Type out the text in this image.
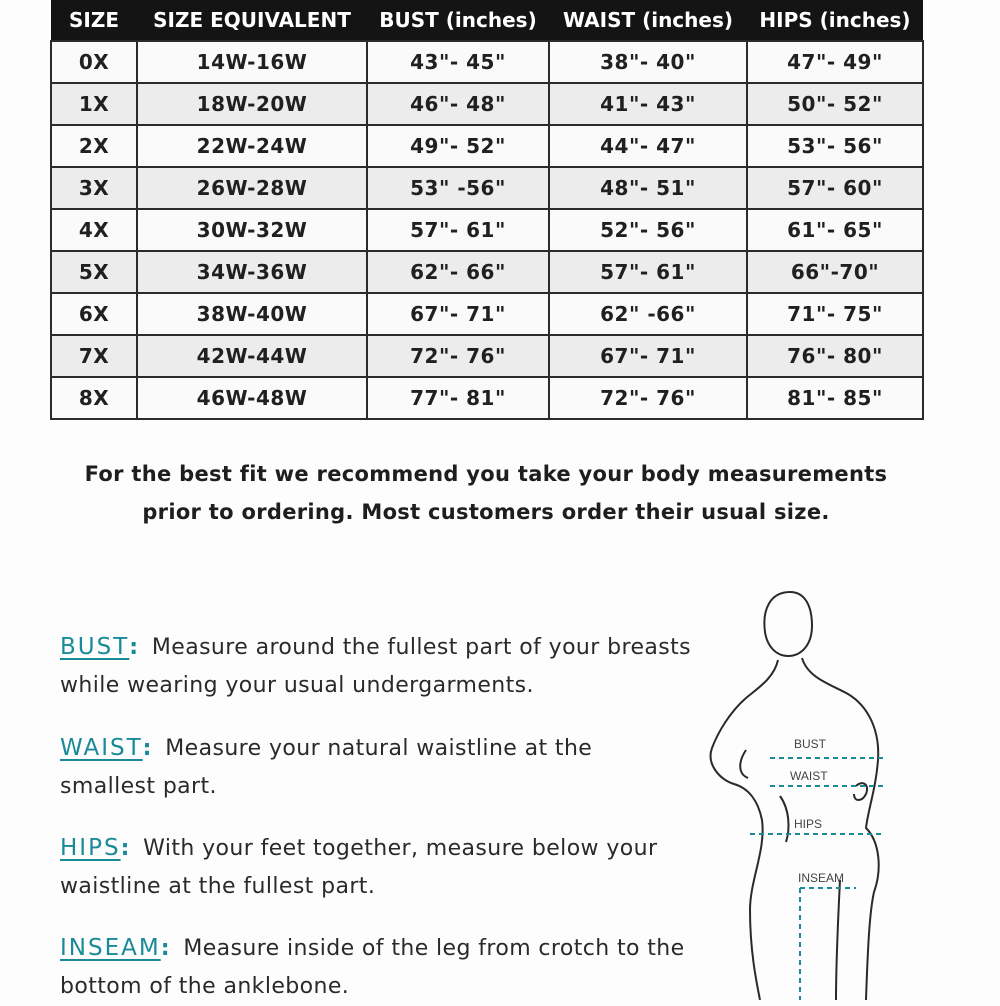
SIZE	SIZE EQUIVALENT	BUST (inches)	WAIST (inches)	HIPS (inches)
0X	14W-16W	43"- 45"	38"- 40"	47"- 49"
1X	18W-20W	46"- 48"	41"- 43"	50"- 52"
2X	22W-24W	49"- 52"	44"- 47"	53"- 56"
3X	26W-28W	53" -56"	48"- 51"	57"- 60"
4X	30W-32W	57"- 61"	52"- 56"	61"- 65"
5X	34W-36W	62"- 66"	57"- 61"	66"-70"
6X	38W-40W	67"- 71"	62" -66"	71"- 75"
7X	42W-44W	72"- 76"	67"- 71"	76"- 80"
8X	46W-48W	77"- 81"	72"- 76"	81"- 85"
For the best fit we recommend you take your body measurements
prior to ordering. Most customers order their usual size.
BUST: Measure around the fullest part of your breasts
while wearing your usual undergarments.
WAIST: Measure your natural waistline at the
smallest part.
HIPS: With your feet together, measure below your
waistline at the fullest part.
INSEAM: Measure inside of the leg from crotch to the
bottom of the anklebone.
BUST
WAIST
HIPS
INSEAM
